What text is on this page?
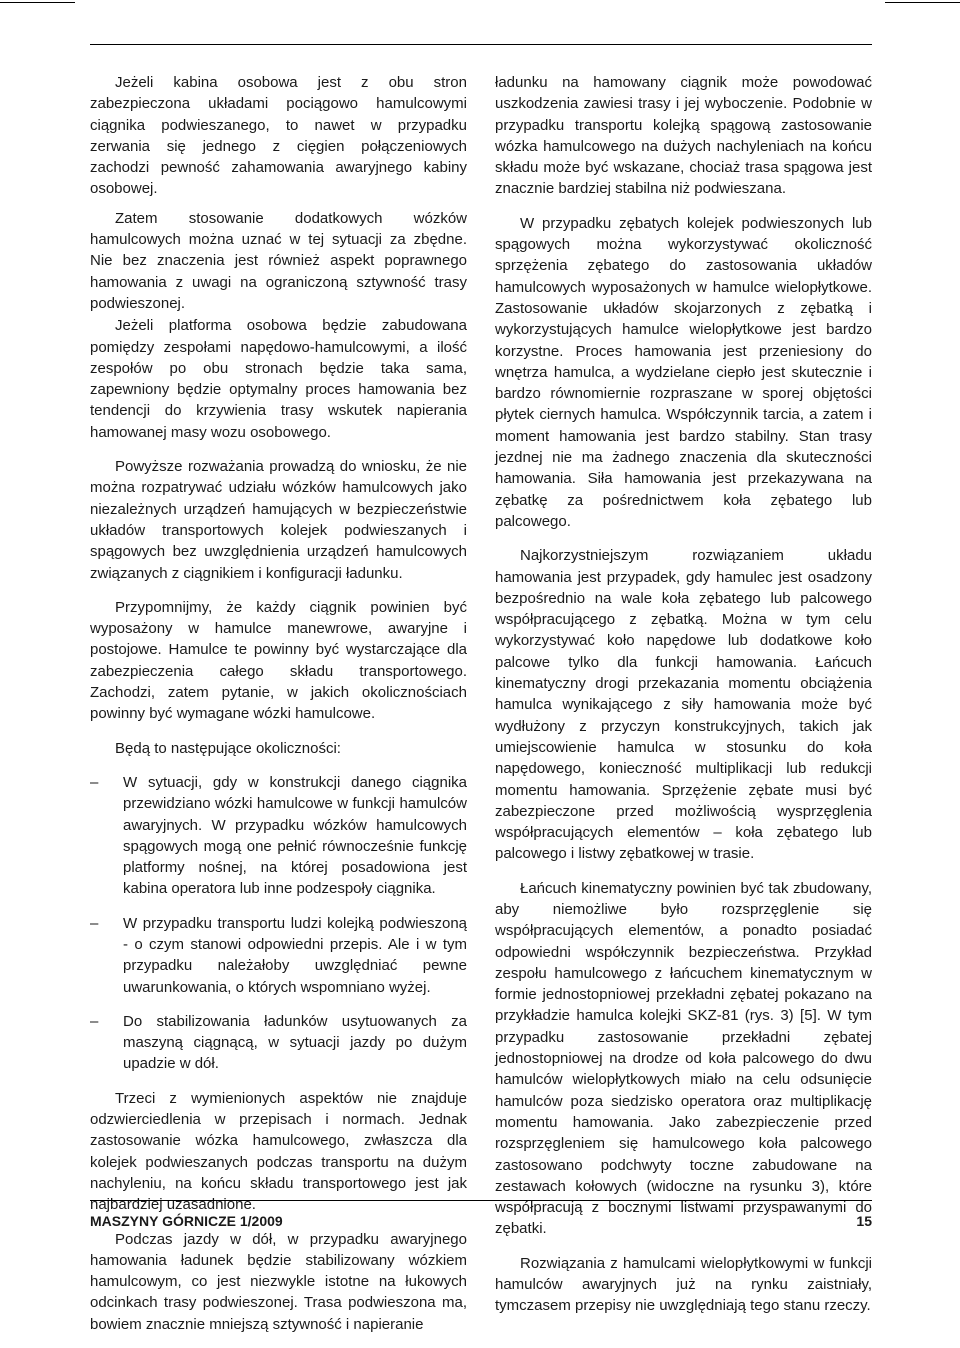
Jeżeli kabina osobowa jest z obu stron zabezpieczona układami pociągowo hamulcowymi ciągnika podwieszanego, to nawet w przypadku zerwania się jednego z cięgien połączeniowych zachodzi pewność zahamowania awaryjnego kabiny osobowej.

Zatem stosowanie dodatkowych wózków hamulcowych można uznać w tej sytuacji za zbędne. Nie bez znaczenia jest również aspekt poprawnego hamowania z uwagi na ograniczoną sztywność trasy podwieszonej.

Jeżeli platforma osobowa będzie zabudowana pomiędzy zespołami napędowo-hamulcowymi, a ilość zespołów po obu stronach będzie taka sama, zapewniony będzie optymalny proces hamowania bez tendencji do krzywienia trasy wskutek napierania hamowanej masy wozu osobowego.

Powyższe rozważania prowadzą do wniosku, że nie można rozpatrywać udziału wózków hamulcowych jako niezależnych urządzeń hamujących w bezpieczeństwie układów transportowych kolejek podwieszanych i spągowych bez uwzględnienia urządzeń hamulcowych związanych z ciągnikiem i konfiguracji ładunku.

Przypomnijmy, że każdy ciągnik powinien być wyposażony w hamulce manewrowe, awaryjne i postojowe. Hamulce te powinny być wystarczające dla zabezpieczenia całego składu transportowego. Zachodzi, zatem pytanie, w jakich okolicznościach powinny być wymagane wózki hamulcowe.

Będą to następujące okoliczności:

– W sytuacji, gdy w konstrukcji danego ciągnika przewidziano wózki hamulcowe w funkcji hamulców awaryjnych. W przypadku wózków hamulcowych spągowych mogą one pełnić równocześnie funkcję platformy nośnej, na której posadowiona jest kabina operatora lub inne podzespoły ciągnika.
– W przypadku transportu ludzi kolejką podwieszoną - o czym stanowi odpowiedni przepis. Ale i w tym przypadku należałoby uwzględniać pewne uwarunkowania, o których wspomniano wyżej.
– Do stabilizowania ładunków usytuowanych za maszyną ciągnącą, w sytuacji jazdy po dużym upadzie w dół.

Trzeci z wymienionych aspektów nie znajduje odzwierciedlenia w przepisach i normach. Jednak zastosowanie wózka hamulcowego, zwłaszcza dla kolejek podwieszanych podczas transportu na dużym nachyleniu, na końcu składu transportowego jest jak najbardziej uzasadnione.

Podczas jazdy w dół, w przypadku awaryjnego hamowania ładunek będzie stabilizowany wózkiem hamulcowym, co jest niezwykle istotne na łukowych odcinkach trasy podwieszonej. Trasa podwieszona ma, bowiem znacznie mniejszą sztywność i napieranie

ładunku na hamowany ciągnik może powodować uszkodzenia zawiesi trasy i jej wyboczenie. Podobnie w przypadku transportu kolejką spągową zastosowanie wózka hamulcowego na dużych nachyleniach na końcu składu może być wskazane, chociaż trasa spągowa jest znacznie bardziej stabilna niż podwieszana.

W przypadku zębatych kolejek podwieszonych lub spągowych można wykorzystywać okoliczność sprzężenia zębatego do zastosowania układów hamulcowych wyposażonych w hamulce wielopłytkowe. Zastosowanie układów skojarzonych z zębatką i wykorzystujących hamulce wielopłytkowe jest bardzo korzystne. Proces hamowania jest przeniesiony do wnętrza hamulca, a wydzielane ciepło jest skutecznie i bardzo równomiernie rozpraszane w sporej objętości płytek ciernych hamulca. Współczynnik tarcia, a zatem i moment hamowania jest bardzo stabilny. Stan trasy jezdnej nie ma żadnego znaczenia dla skuteczności hamowania. Siła hamowania jest przekazywana na zębatkę za pośrednictwem koła zębatego lub palcowego.

Najkorzystniejszym rozwiązaniem układu hamowania jest przypadek, gdy hamulec jest osadzony bezpośrednio na wale koła zębatego lub palcowego współpracującego z zębatką. Można w tym celu wykorzystywać koło napędowe lub dodatkowe koło palcowe tylko dla funkcji hamowania. Łańcuch kinematyczny drogi przekazania momentu obciążenia hamulca wynikającego z siły hamowania może być wydłużony z przyczyn konstrukcyjnych, takich jak umiejscowienie hamulca w stosunku do koła napędowego, konieczność multiplikacji lub redukcji momentu hamowania. Sprzężenie zębate musi być zabezpieczone przed możliwością wysprzęglenia współpracujących elementów – koła zębatego lub palcowego i listwy zębatkowej w trasie.

Łańcuch kinematyczny powinien być tak zbudowany, aby niemożliwe było rozsprzęglenie się współpracujących elementów, a ponadto posiadać odpowiedni współczynnik bezpieczeństwa. Przykład zespołu hamulcowego z łańcuchem kinematycznym w formie jednostopniowej przekładni zębatej pokazano na przykładzie hamulca kolejki SKZ-81 (rys. 3) [5]. W tym przypadku zastosowanie przekładni zębatej jednostopniowej na drodze od koła palcowego do dwu hamulców wielopłytkowych miało na celu odsunięcie hamulców poza siedzisko operatora oraz multiplikację momentu hamowania. Jako zabezpieczenie przed rozsprzęgleniem się hamulcowego koła palcowego zastosowano podchwyty toczne zabudowane na zestawach kołowych (widoczne na rysunku 3), które współpracują z bocznymi listwami przyspawanymi do zębatki.

Rozwiązania z hamulcami wielopłytkowymi w funkcji hamulców awaryjnych już na rynku zaistniały, tymczasem przepisy nie uwzględniają tego stanu rzeczy.

MASZYNY GÓRNICZE 1/2009	15
